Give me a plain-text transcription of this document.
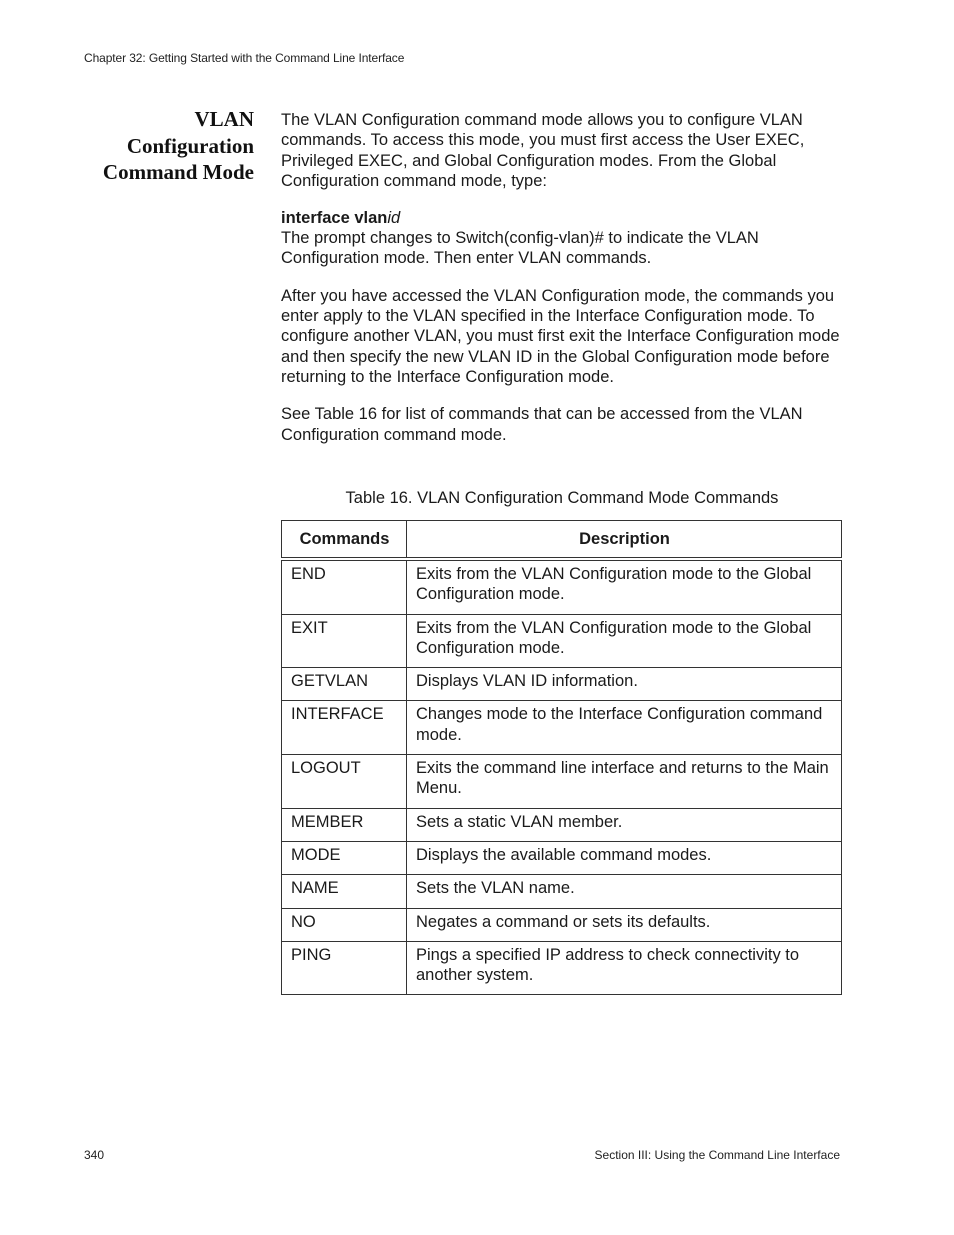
Chapter 32: Getting Started with the Command Line Interface
VLAN
Configuration
Command Mode

The VLAN Configuration command mode allows you to configure VLAN commands. To access this mode, you must first access the User EXEC, Privileged EXEC, and Global Configuration modes. From the Global Configuration command mode, type:

interface vlanid

The prompt changes to Switch(config-vlan)# to indicate the VLAN Configuration mode. Then enter VLAN commands.

After you have accessed the VLAN Configuration mode, the commands you enter apply to the VLAN specified in the Interface Configuration mode. To configure another VLAN, you must first exit the Interface Configuration mode and then specify the new VLAN ID in the Global Configuration mode before returning to the Interface Configuration mode.

See Table 16 for list of commands that can be accessed from the VLAN Configuration command mode.

Table 16. VLAN Configuration Command Mode Commands
Commands	Description
END	Exits from the VLAN Configuration mode to the Global Configuration mode.
EXIT	Exits from the VLAN Configuration mode to the Global Configuration mode.
GETVLAN	Displays VLAN ID information.
INTERFACE	Changes mode to the Interface Configuration command mode.
LOGOUT	Exits the command line interface and returns to the Main Menu.
MEMBER	Sets a static VLAN member.
MODE	Displays the available command modes.
NAME	Sets the VLAN name.
NO	Negates a command or sets its defaults.
PING	Pings a specified IP address to check connectivity to another system.
340	Section III: Using the Command Line Interface
